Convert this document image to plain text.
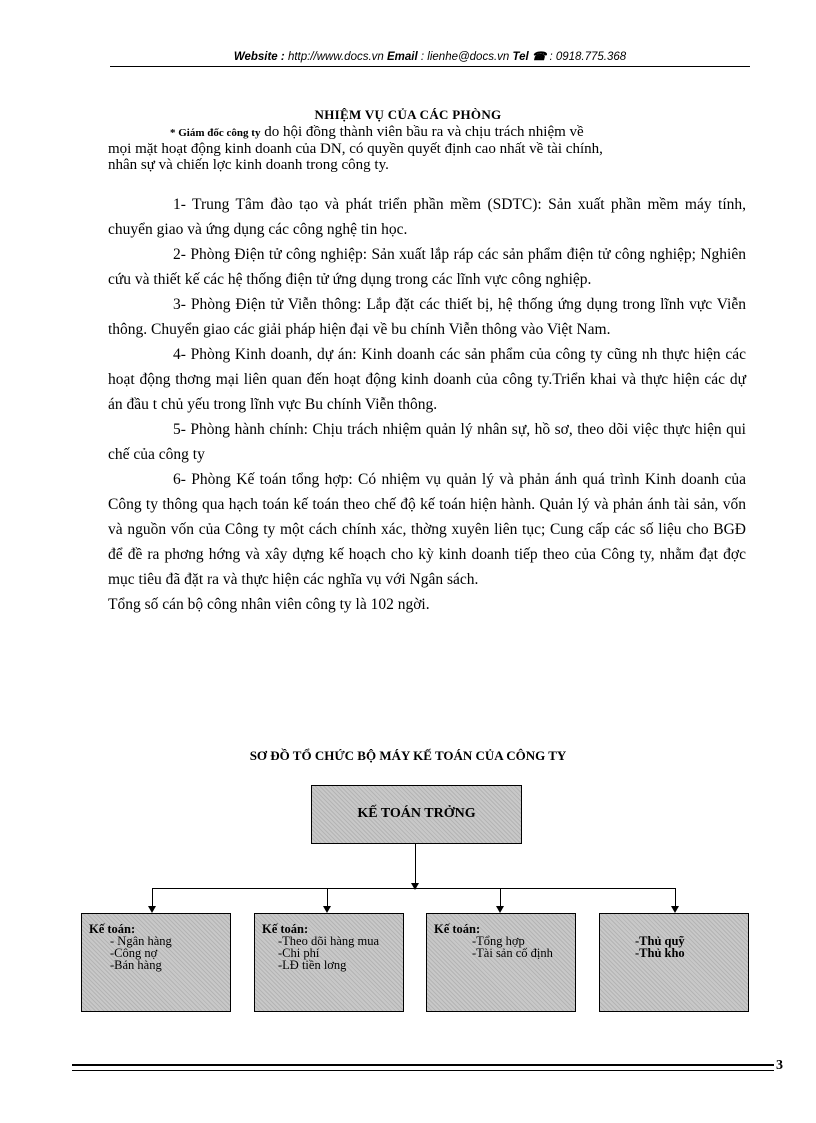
Website : http://www.docs.vn Email : lienhe@docs.vn Tel ☎ : 0918.775.368
NHIỆM VỤ CỦA CÁC PHÒNG
* Giám đốc công ty do hội đồng thành viên bầu ra và chịu trách nhiệm về
mọi mặt hoạt động kinh doanh của DN, có quyền quyết định cao nhất về tài chính,
nhân sự và chiến lợc kinh doanh trong công ty.

1- Trung Tâm đào tạo và phát triển phần mềm (SDTC): Sản xuất phần mềm máy tính, chuyển giao và ứng dụng các công nghệ tin học.

2- Phòng Điện tử công nghiệp: Sản xuất lắp ráp các sản phẩm điện tử công nghiệp; Nghiên cứu và thiết kế các hệ thống điện tử ứng dụng trong các lĩnh vực công nghiệp.

3- Phòng Điện tử Viễn thông: Lắp đặt các thiết bị, hệ thống ứng dụng trong lĩnh vực Viễn thông. Chuyển giao các giải pháp hiện đại về bu chính Viễn thông vào Việt Nam.

4- Phòng Kinh doanh, dự án: Kinh doanh các sản phẩm của công ty cũng nh thực hiện các hoạt động thơng mại liên quan đến hoạt động kinh doanh của công ty.Triển khai và thực hiện các dự án đầu t chủ yếu trong lĩnh vực Bu chính Viễn thông.

5- Phòng hành chính: Chịu trách nhiệm quản lý nhân sự, hồ sơ, theo dõi việc thực hiện qui chế của công ty

6- Phòng Kế toán tổng hợp: Có nhiệm vụ quản lý và phản ánh quá trình Kinh doanh của Công ty thông qua hạch toán kế toán theo chế độ kế toán hiện hành. Quản lý và phản ánh tài sản, vốn và nguồn vốn của Công ty một cách chính xác, thờng xuyên liên tục; Cung cấp các số liệu cho BGĐ để đề ra phơng hớng và xây dựng kế hoạch cho kỳ kinh doanh tiếp theo của Công ty, nhằm đạt đợc mục tiêu đã đặt ra và thực hiện các nghĩa vụ với Ngân sách.

Tổng số cán bộ công nhân viên công ty là 102 ngời.

SƠ ĐỒ TỔ CHỨC BỘ MÁY KẾ TOÁN CỦA CÔNG TY
KẾ TOÁN TRỞNG
Kế toán:
- Ngân hàng
-Công nợ
-Bán hàng
Kế toán:
-Theo dõi hàng mua
-Chi phí
-LĐ tiền lơng
Kế toán:
-Tổng hợp
-Tài sản cố định
-Thủ quỹ
-Thủ kho
3
